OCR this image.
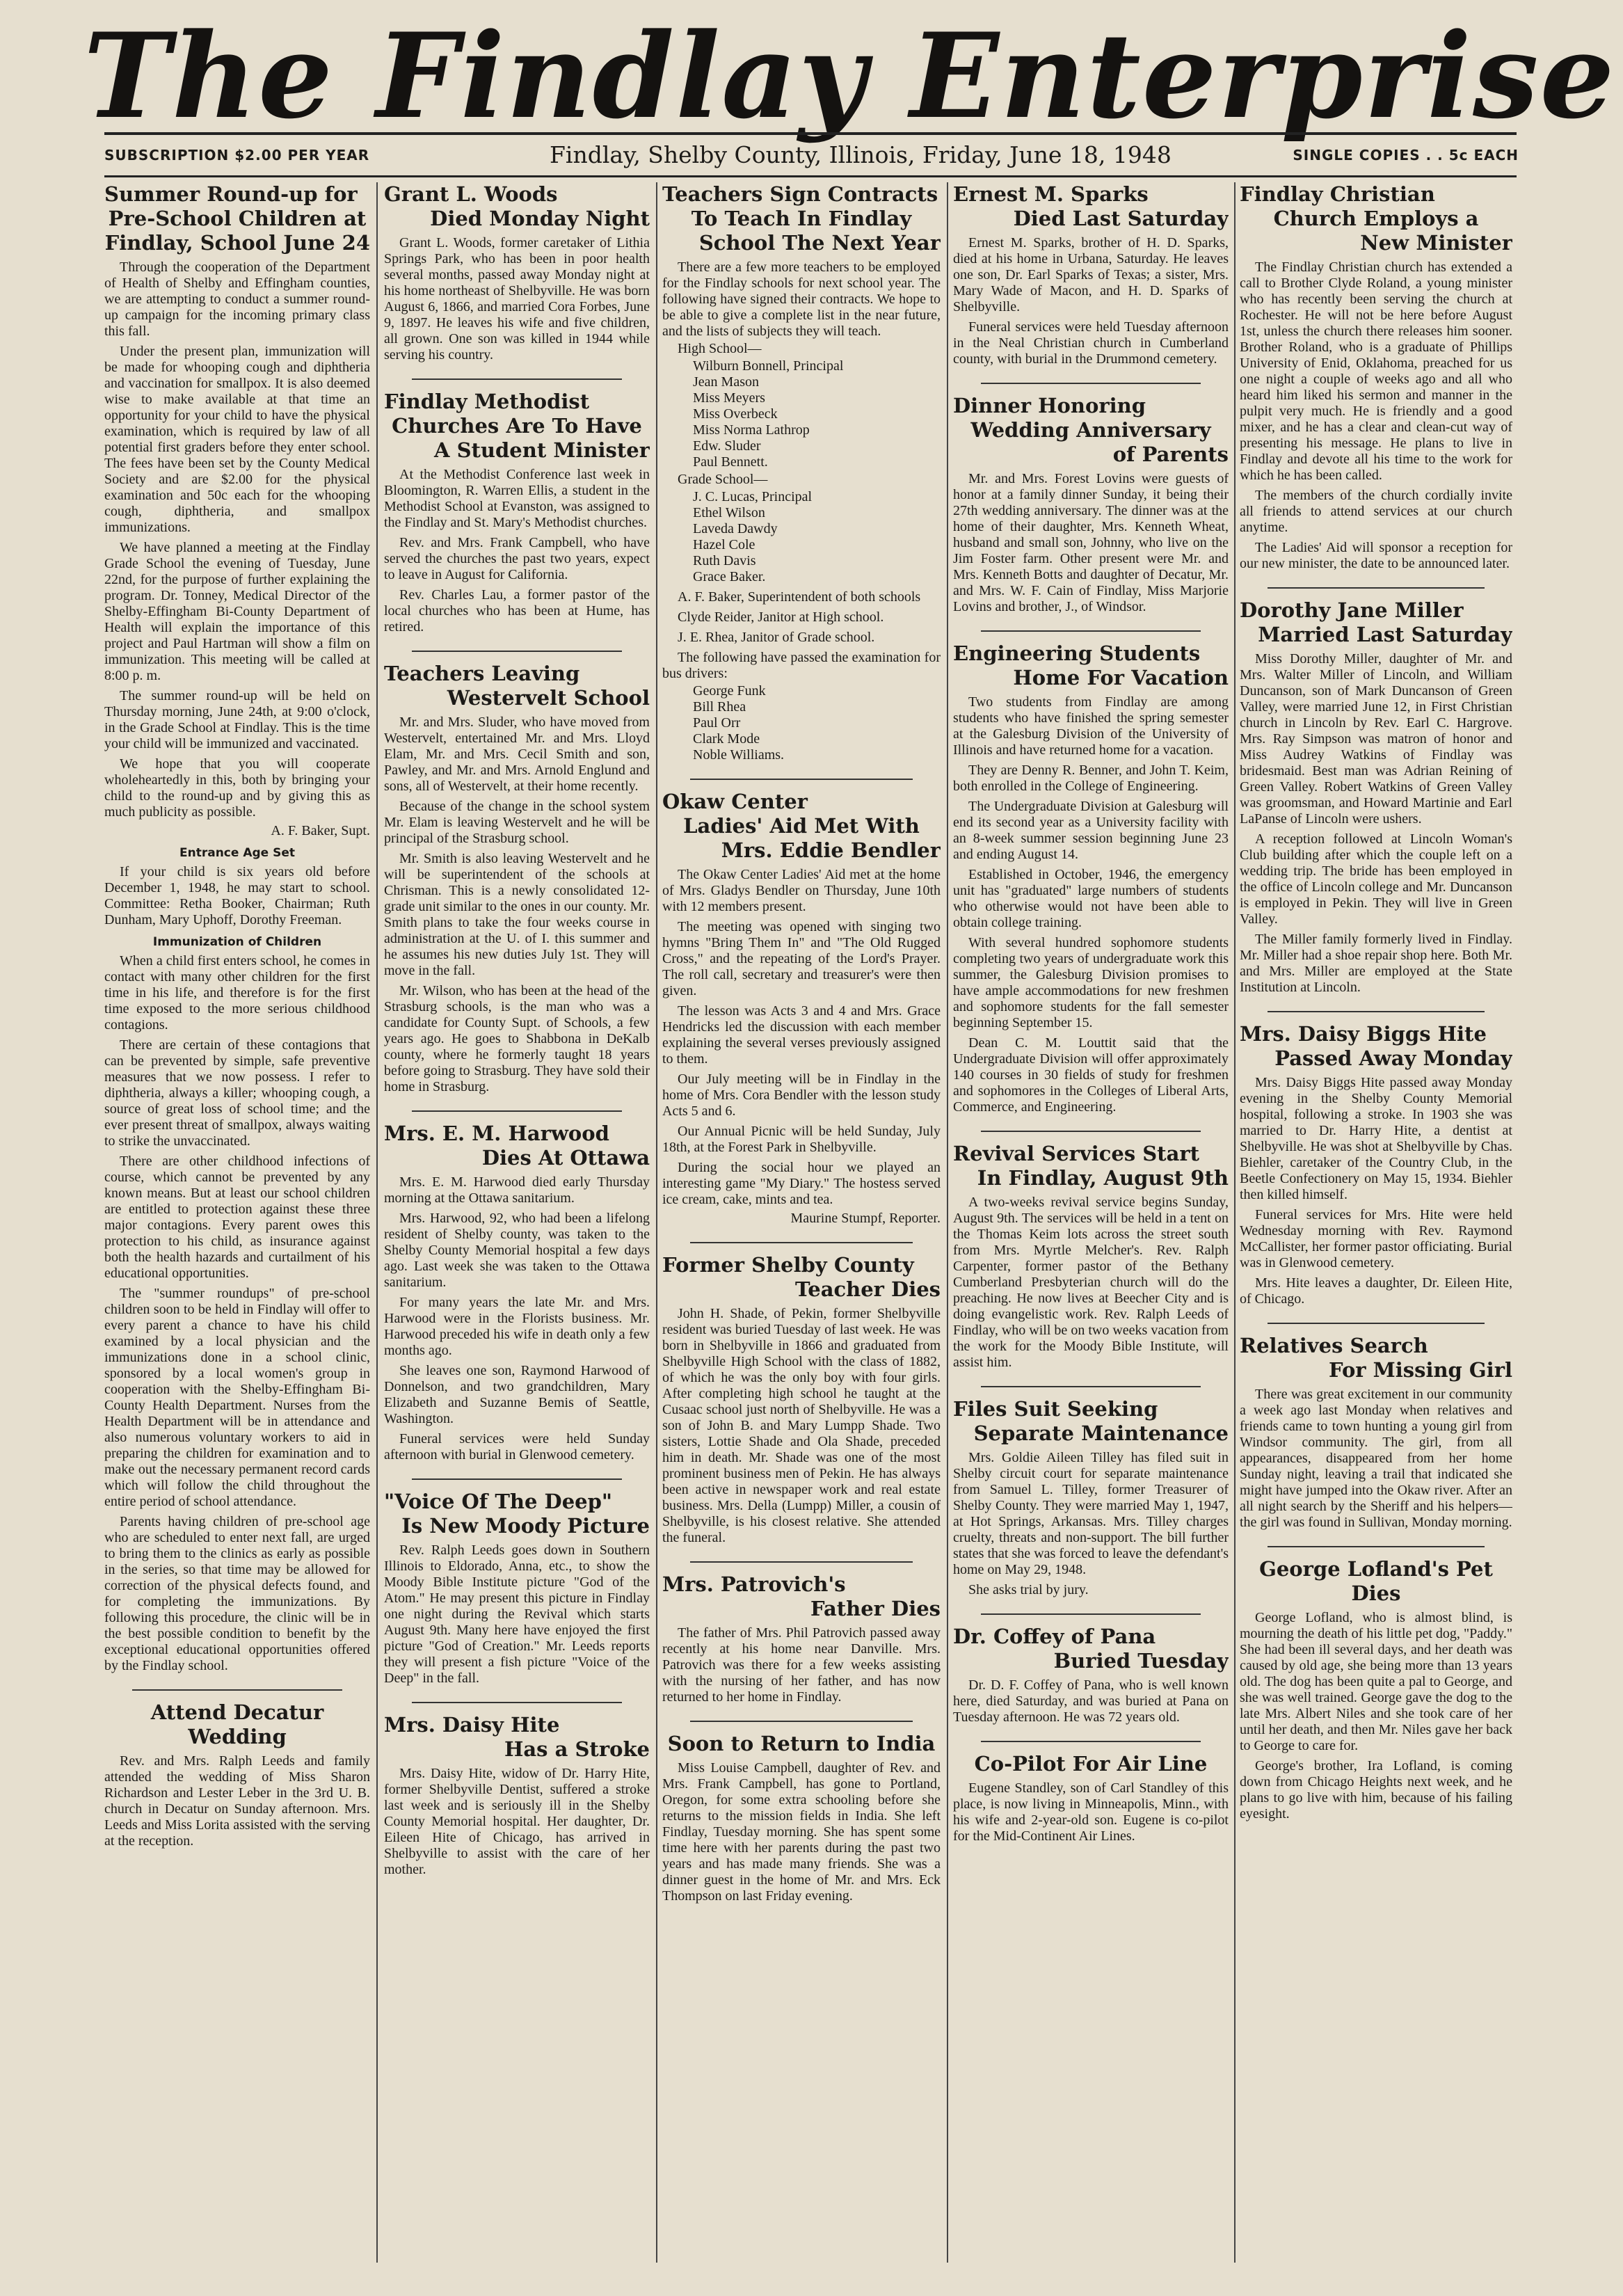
The Findlay Enterprise
SUBSCRIPTION $2.00 PER YEAR	Findlay, Shelby County, Illinois, Friday, June 18, 1948	SINGLE COPIES . . 5c EACH
Summer Round-up for
Pre-School Children at
Findlay, School June 24

Through the cooperation of the Department of Health of Shelby and Effingham counties, we are attempting to conduct a summer round-up campaign for the incoming primary class this fall.

Under the present plan, immunization will be made for whooping cough and diphtheria and vaccination for smallpox. It is also deemed wise to make available at that time an opportunity for your child to have the physical examination, which is required by law of all potential first graders before they enter school. The fees have been set by the County Medical Society and are $2.00 for the physical examination and 50c each for the whooping cough, diphtheria, and smallpox immunizations.

We have planned a meeting at the Findlay Grade School the evening of Tuesday, June 22nd, for the purpose of further explaining the program. Dr. Tonney, Medical Director of the Shelby-Effingham Bi-County Department of Health will explain the importance of this project and Paul Hartman will show a film on immunization. This meeting will be called at 8:00 p. m.

The summer round-up will be held on Thursday morning, June 24th, at 9:00 o'clock, in the Grade School at Findlay. This is the time your child will be immunized and vaccinated.

We hope that you will cooperate wholeheartedly in this, both by bringing your child to the round-up and by giving this as much publicity as possible.

A. F. Baker, Supt.

Entrance Age Set

If your child is six years old before December 1, 1948, he may start to school. Committee: Retha Booker, Chairman; Ruth Dunham, Mary Uphoff, Dorothy Freeman.

Immunization of Children

When a child first enters school, he comes in contact with many other children for the first time in his life, and therefore is for the first time exposed to the more serious childhood contagions.

There are certain of these contagions that can be prevented by simple, safe preventive measures that we now possess. I refer to diphtheria, always a killer; whooping cough, a source of great loss of school time; and the ever present threat of smallpox, always waiting to strike the unvaccinated.

There are other childhood infections of course, which cannot be prevented by any known means. But at least our school children are entitled to protection against these three major contagions. Every parent owes this protection to his child, as insurance against both the health hazards and curtailment of his educational opportunities.

The "summer roundups" of pre-school children soon to be held in Findlay will offer to every parent a chance to have his child examined by a local physician and the immunizations done in a school clinic, sponsored by a local women's group in cooperation with the Shelby-Effingham Bi-County Health Department. Nurses from the Health Department will be in attendance and also numerous voluntary workers to aid in preparing the children for examination and to make out the necessary permanent record cards which will follow the child throughout the entire period of school attendance.

Parents having children of pre-school age who are scheduled to enter next fall, are urged to bring them to the clinics as early as possible in the series, so that time may be allowed for correction of the physical defects found, and for completing the immunizations. By following this procedure, the clinic will be in the best possible condition to benefit by the exceptional educational opportunities offered by the Findlay school.

Attend Decatur Wedding

Rev. and Mrs. Ralph Leeds and family attended the wedding of Miss Sharon Richardson and Lester Leber in the 3rd U. B. church in Decatur on Sunday afternoon. Mrs. Leeds and Miss Lorita assisted with the serving at the reception.

Grant L. Woods
Died Monday Night

Grant L. Woods, former caretaker of Lithia Springs Park, who has been in poor health several months, passed away Monday night at his home northeast of Shelbyville. He was born August 6, 1866, and married Cora Forbes, June 9, 1897. He leaves his wife and five children, all grown. One son was killed in 1944 while serving his country.

Findlay Methodist
Churches Are To Have
A Student Minister

At the Methodist Conference last week in Bloomington, R. Warren Ellis, a student in the Methodist School at Evanston, was assigned to the Findlay and St. Mary's Methodist churches.

Rev. and Mrs. Frank Campbell, who have served the churches the past two years, expect to leave in August for California.

Rev. Charles Lau, a former pastor of the local churches who has been at Hume, has retired.

Teachers Leaving
Westervelt School

Mr. and Mrs. Sluder, who have moved from Westervelt, entertained Mr. and Mrs. Lloyd Elam, Mr. and Mrs. Cecil Smith and son, Pawley, and Mr. and Mrs. Arnold Englund and sons, all of Westervelt, at their home recently.

Because of the change in the school system Mr. Elam is leaving Westervelt and he will be principal of the Strasburg school.

Mr. Smith is also leaving Westervelt and he will be superintendent of the schools at Chrisman. This is a newly consolidated 12-grade unit similar to the ones in our county. Mr. Smith plans to take the four weeks course in administration at the U. of I. this summer and he assumes his new duties July 1st. They will move in the fall.

Mr. Wilson, who has been at the head of the Strasburg schools, is the man who was a candidate for County Supt. of Schools, a few years ago. He goes to Shabbona in DeKalb county, where he formerly taught 18 years before going to Strasburg. They have sold their home in Strasburg.

Mrs. E. M. Harwood
Dies At Ottawa

Mrs. E. M. Harwood died early Thursday morning at the Ottawa sanitarium.

Mrs. Harwood, 92, who had been a lifelong resident of Shelby county, was taken to the Shelby County Memorial hospital a few days ago. Last week she was taken to the Ottawa sanitarium.

For many years the late Mr. and Mrs. Harwood were in the Florists business. Mr. Harwood preceded his wife in death only a few months ago.

She leaves one son, Raymond Harwood of Donnelson, and two grandchildren, Mary Elizabeth and Suzanne Bemis of Seattle, Washington.

Funeral services were held Sunday afternoon with burial in Glenwood cemetery.

"Voice Of The Deep"
Is New Moody Picture

Rev. Ralph Leeds goes down in Southern Illinois to Eldorado, Anna, etc., to show the Moody Bible Institute picture "God of the Atom." He may present this picture in Findlay one night during the Revival which starts August 9th. Many here have enjoyed the first picture "God of Creation." Mr. Leeds reports they will present a fish picture "Voice of the Deep" in the fall.

Mrs. Daisy Hite
Has a Stroke

Mrs. Daisy Hite, widow of Dr. Harry Hite, former Shelbyville Dentist, suffered a stroke last week and is seriously ill in the Shelby County Memorial hospital. Her daughter, Dr. Eileen Hite of Chicago, has arrived in Shelbyville to assist with the care of her mother.

Teachers Sign Contracts
To Teach In Findlay
School The Next Year

There are a few more teachers to be employed for the Findlay schools for next school year. The following have signed their contracts. We hope to be able to give a complete list in the near future, and the lists of subjects they will teach.

High School—
Wilburn Bonnell, Principal
Jean Mason
Miss Meyers
Miss Overbeck
Miss Norma Lathrop
Edw. Sluder
Paul Bennett.
Grade School—
J. C. Lucas, Principal
Ethel Wilson
Laveda Dawdy
Hazel Cole
Ruth Davis
Grace Baker.

A. F. Baker, Superintendent of both schools

Clyde Reider, Janitor at High school.

J. E. Rhea, Janitor of Grade school.

The following have passed the examination for bus drivers:

George Funk
Bill Rhea
Paul Orr
Clark Mode
Noble Williams.
Okaw Center
Ladies' Aid Met With
Mrs. Eddie Bendler

The Okaw Center Ladies' Aid met at the home of Mrs. Gladys Bendler on Thursday, June 10th with 12 members present.

The meeting was opened with singing two hymns "Bring Them In" and "The Old Rugged Cross," and the repeating of the Lord's Prayer. The roll call, secretary and treasurer's were then given.

The lesson was Acts 3 and 4 and Mrs. Grace Hendricks led the discussion with each member explaining the several verses previously assigned to them.

Our July meeting will be in Findlay in the home of Mrs. Cora Bendler with the lesson study Acts 5 and 6.

Our Annual Picnic will be held Sunday, July 18th, at the Forest Park in Shelbyville.

During the social hour we played an interesting game "My Diary." The hostess served ice cream, cake, mints and tea.

Maurine Stumpf, Reporter.

Former Shelby County
Teacher Dies

John H. Shade, of Pekin, former Shelbyville resident was buried Tuesday of last week. He was born in Shelbyville in 1866 and graduated from Shelbyville High School with the class of 1882, of which he was the only boy with four girls. After completing high school he taught at the Cusaac school just north of Shelbyville. He was a son of John B. and Mary Lumpp Shade. Two sisters, Lottie Shade and Ola Shade, preceded him in death. Mr. Shade was one of the most prominent business men of Pekin. He has always been active in newspaper work and real estate business. Mrs. Della (Lumpp) Miller, a cousin of Shelbyville, is his closest relative. She attended the funeral.

Mrs. Patrovich's
Father Dies

The father of Mrs. Phil Patrovich passed away recently at his home near Danville. Mrs. Patrovich was there for a few weeks assisting with the nursing of her father, and has now returned to her home in Findlay.

Soon to Return to India

Miss Louise Campbell, daughter of Rev. and Mrs. Frank Campbell, has gone to Portland, Oregon, for some extra schooling before she returns to the mission fields in India. She left Findlay, Tuesday morning. She has spent some time here with her parents during the past two years and has made many friends. She was a dinner guest in the home of Mr. and Mrs. Eck Thompson on last Friday evening.

Ernest M. Sparks
Died Last Saturday

Ernest M. Sparks, brother of H. D. Sparks, died at his home in Urbana, Saturday. He leaves one son, Dr. Earl Sparks of Texas; a sister, Mrs. Mary Wade of Macon, and H. D. Sparks of Shelbyville.

Funeral services were held Tuesday afternoon in the Neal Christian church in Cumberland county, with burial in the Drummond cemetery.

Dinner Honoring
Wedding Anniversary
of Parents

Mr. and Mrs. Forest Lovins were guests of honor at a family dinner Sunday, it being their 27th wedding anniversary. The dinner was at the home of their daughter, Mrs. Kenneth Wheat, husband and small son, Johnny, who live on the Jim Foster farm. Other present were Mr. and Mrs. Kenneth Botts and daughter of Decatur, Mr. and Mrs. W. F. Cain of Findlay, Miss Marjorie Lovins and brother, J., of Windsor.

Engineering Students
Home For Vacation

Two students from Findlay are among students who have finished the spring semester at the Galesburg Division of the University of Illinois and have returned home for a vacation.

They are Denny R. Benner, and John T. Keim, both enrolled in the College of Engineering.

The Undergraduate Division at Galesburg will end its second year as a University facility with an 8-week summer session beginning June 23 and ending August 14.

Established in October, 1946, the emergency unit has "graduated" large numbers of students who otherwise would not have been able to obtain college training.

With several hundred sophomore students completing two years of undergraduate work this summer, the Galesburg Division promises to have ample accommodations for new freshmen and sophomore students for the fall semester beginning September 15.

Dean C. M. Louttit said that the Undergraduate Division will offer approximately 140 courses in 30 fields of study for freshmen and sophomores in the Colleges of Liberal Arts, Commerce, and Engineering.

Revival Services Start
In Findlay, August 9th

A two-weeks revival service begins Sunday, August 9th. The services will be held in a tent on the Thomas Keim lots across the street south from Mrs. Myrtle Melcher's. Rev. Ralph Carpenter, former pastor of the Bethany Cumberland Presbyterian church will do the preaching. He now lives at Beecher City and is doing evangelistic work. Rev. Ralph Leeds of Findlay, who will be on two weeks vacation from the work for the Moody Bible Institute, will assist him.

Files Suit Seeking
Separate Maintenance

Mrs. Goldie Aileen Tilley has filed suit in Shelby circuit court for separate maintenance from Samuel L. Tilley, former Treasurer of Shelby County. They were married May 1, 1947, at Hot Springs, Arkansas. Mrs. Tilley charges cruelty, threats and non-support. The bill further states that she was forced to leave the defendant's home on May 29, 1948.

She asks trial by jury.

Dr. Coffey of Pana
Buried Tuesday

Dr. D. F. Coffey of Pana, who is well known here, died Saturday, and was buried at Pana on Tuesday afternoon. He was 72 years old.

Co-Pilot For Air Line

Eugene Standley, son of Carl Standley of this place, is now living in Minneapolis, Minn., with his wife and 2-year-old son. Eugene is co-pilot for the Mid-Continent Air Lines.

Findlay Christian
Church Employs a
New Minister

The Findlay Christian church has extended a call to Brother Clyde Roland, a young minister who has recently been serving the church at Rochester. He will not be here before August 1st, unless the church there releases him sooner. Brother Roland, who is a graduate of Phillips University of Enid, Oklahoma, preached for us one night a couple of weeks ago and all who heard him liked his sermon and manner in the pulpit very much. He is friendly and a good mixer, and he has a clear and clean-cut way of presenting his message. He plans to live in Findlay and devote all his time to the work for which he has been called.

The members of the church cordially invite all friends to attend services at our church anytime.

The Ladies' Aid will sponsor a reception for our new minister, the date to be announced later.

Dorothy Jane Miller
Married Last Saturday

Miss Dorothy Miller, daughter of Mr. and Mrs. Walter Miller of Lincoln, and William Duncanson, son of Mark Duncanson of Green Valley, were married June 12, in First Christian church in Lincoln by Rev. Earl C. Hargrove. Mrs. Ray Simpson was matron of honor and Miss Audrey Watkins of Findlay was bridesmaid. Best man was Adrian Reining of Green Valley. Robert Watkins of Green Valley was groomsman, and Howard Martinie and Earl LaPanse of Lincoln were ushers.

A reception followed at Lincoln Woman's Club building after which the couple left on a wedding trip. The bride has been employed in the office of Lincoln college and Mr. Duncanson is employed in Pekin. They will live in Green Valley.

The Miller family formerly lived in Findlay. Mr. Miller had a shoe repair shop here. Both Mr. and Mrs. Miller are employed at the State Institution at Lincoln.

Mrs. Daisy Biggs Hite
Passed Away Monday

Mrs. Daisy Biggs Hite passed away Monday evening in the Shelby County Memorial hospital, following a stroke. In 1903 she was married to Dr. Harry Hite, a dentist at Shelbyville. He was shot at Shelbyville by Chas. Biehler, caretaker of the Country Club, in the Beetle Confectionery on May 15, 1934. Biehler then killed himself.

Funeral services for Mrs. Hite were held Wednesday morning with Rev. Raymond McCallister, her former pastor officiating. Burial was in Glenwood cemetery.

Mrs. Hite leaves a daughter, Dr. Eileen Hite, of Chicago.

Relatives Search
For Missing Girl

There was great excitement in our community a week ago last Monday when relatives and friends came to town hunting a young girl from Windsor community. The girl, from all appearances, disappeared from her home Sunday night, leaving a trail that indicated she might have jumped into the Okaw river. After an all night search by the Sheriff and his helpers—the girl was found in Sullivan, Monday morning.

George Lofland's Pet Dies

George Lofland, who is almost blind, is mourning the death of his little pet dog, "Paddy." She had been ill several days, and her death was caused by old age, she being more than 13 years old. The dog has been quite a pal to George, and she was well trained. George gave the dog to the late Mrs. Albert Niles and she took care of her until her death, and then Mr. Niles gave her back to George to care for.

George's brother, Ira Lofland, is coming down from Chicago Heights next week, and he plans to go live with him, because of his failing eyesight.
